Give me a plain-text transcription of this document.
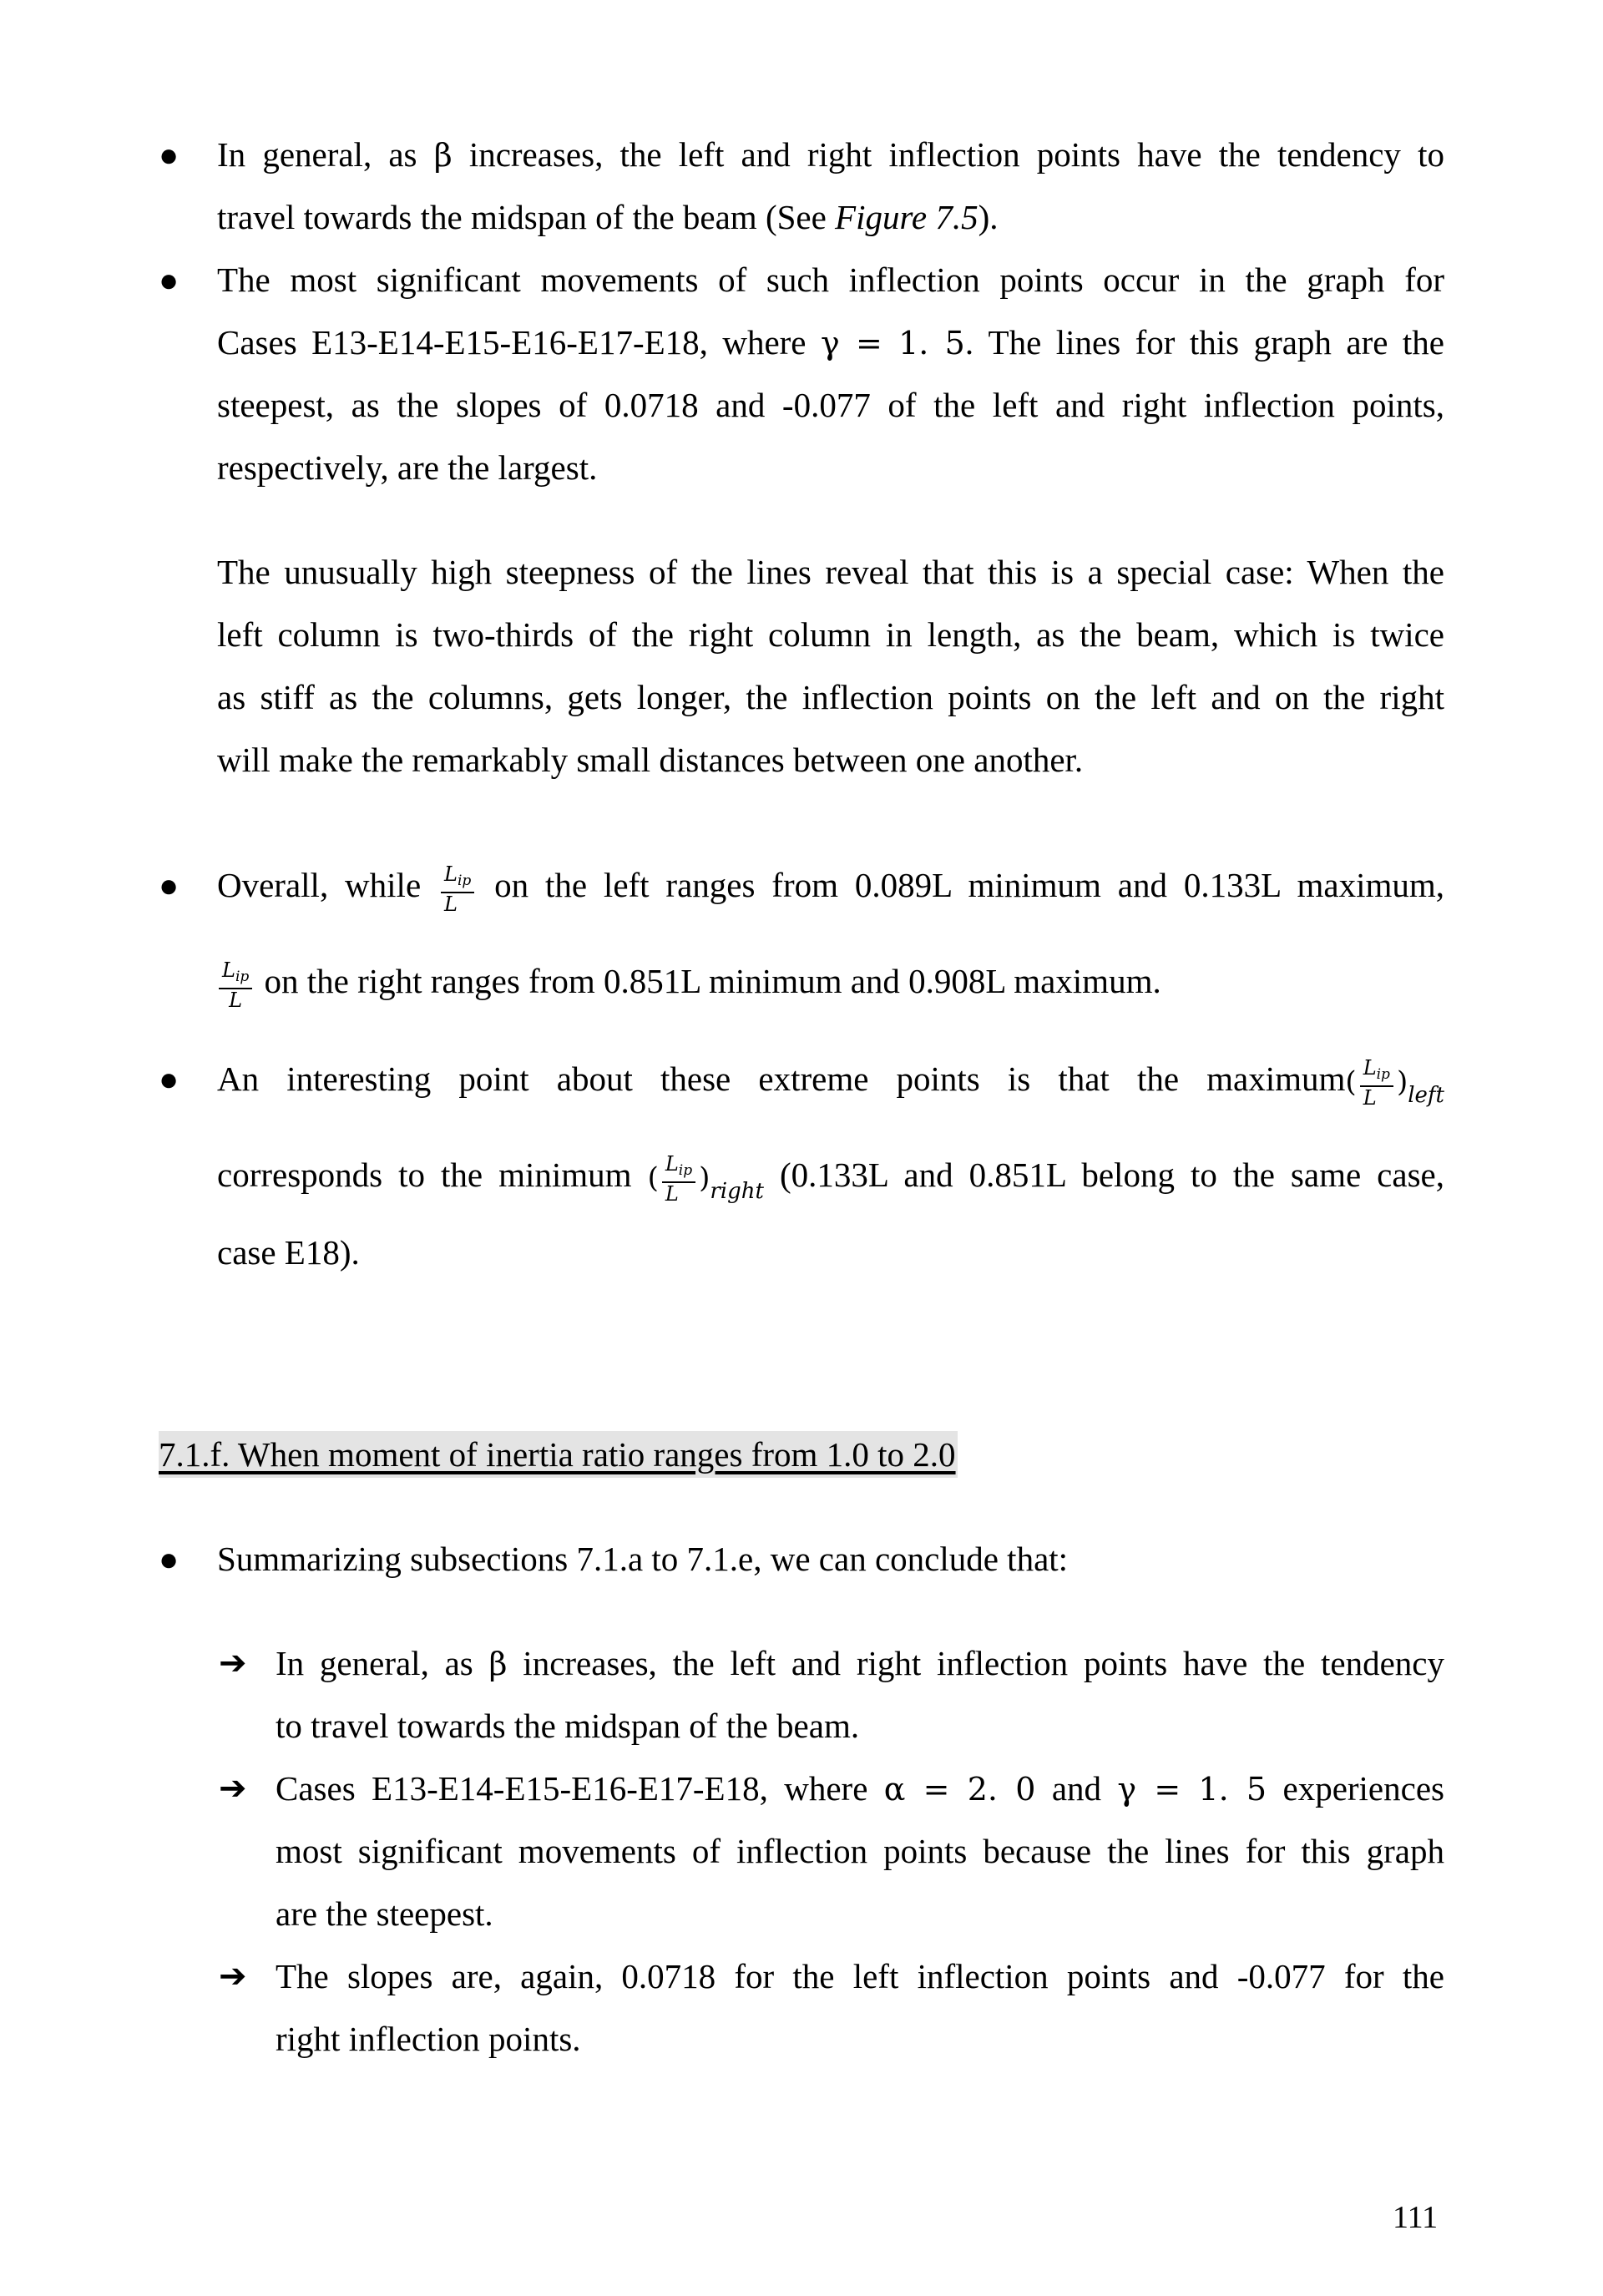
● In general, as β increases, the left and right inflection points have the tendency to
travel towards the midspan of the beam (See Figure 7.5).
● The most significant movements of such inflection points occur in the graph for
Cases E13-E14-E15-E16-E17-E18, where γ = 1. 5. The lines for this graph are the
steepest, as the slopes of 0.0718 and -0.077 of the left and right inflection points,
respectively, are the largest.
The unusually high steepness of the lines reveal that this is a special case: When the
left column is two-thirds of the right column in length, as the beam, which is twice
as stiff as the columns, gets longer, the inflection points on the left and on the right
will make the remarkably small distances between one another.
● Overall, while $\frac{L_{ip}}{L}$ on the left ranges from 0.089L minimum and 0.133L maximum,
$\frac{L_{ip}}{L}$ on the right ranges from 0.851L minimum and 0.908L maximum.
● An interesting point about these extreme points is that the maximum( $\frac{L_{ip}}{L} )_{left}$
corresponds to the minimum ( $\frac{L_{ip}}{L} )_{right}$ (0.133L and 0.851L belong to the same case,
case E18).
7.1.f. When moment of inertia ratio ranges from 1.0 to 2.0
● Summarizing subsections 7.1.a to 7.1.e, we can conclude that:
➔ In general, as β increases, the left and right inflection points have the tendency
to travel towards the midspan of the beam.
➔ Cases E13-E14-E15-E16-E17-E18, where α = 2. 0 and γ = 1. 5 experiences
most significant movements of inflection points because the lines for this graph
are the steepest.
➔ The slopes are, again, 0.0718 for the left inflection points and -0.077 for the
right inflection points.
111
